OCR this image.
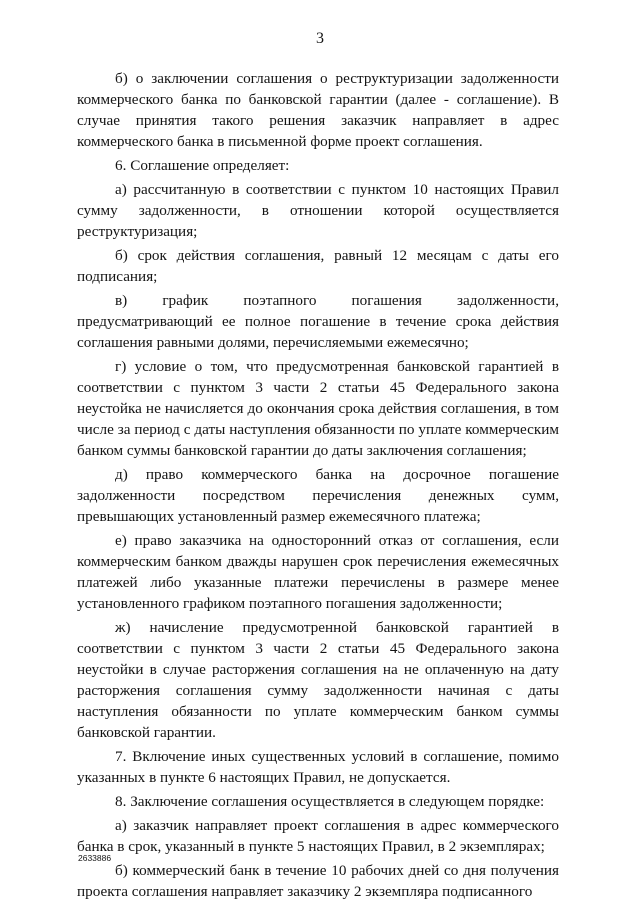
3

б) о заключении соглашения о реструктуризации задолженности коммерческого банка по банковской гарантии (далее - соглашение). В случае принятия такого решения заказчик направляет в адрес коммерческого банка в письменной форме проект соглашения.

6. Соглашение определяет:

а) рассчитанную в соответствии с пунктом 10 настоящих Правил сумму задолженности, в отношении которой осуществляется реструктуризация;

б) срок действия соглашения, равный 12 месяцам с даты его подписания;

в) график поэтапного погашения задолженности, предусматривающий ее полное погашение в течение срока действия соглашения равными долями, перечисляемыми ежемесячно;

г) условие о том, что предусмотренная банковской гарантией в соответствии с пунктом 3 части 2 статьи 45 Федерального закона неустойка не начисляется до окончания срока действия соглашения, в том числе за период с даты наступления обязанности по уплате коммерческим банком суммы банковской гарантии до даты заключения соглашения;

д) право коммерческого банка на досрочное погашение задолженности посредством перечисления денежных сумм, превышающих установленный размер ежемесячного платежа;

е) право заказчика на односторонний отказ от соглашения, если коммерческим банком дважды нарушен срок перечисления ежемесячных платежей либо указанные платежи перечислены в размере менее установленного графиком поэтапного погашения задолженности;

ж) начисление предусмотренной банковской гарантией в соответствии с пунктом 3 части 2 статьи 45 Федерального закона неустойки в случае расторжения соглашения на не оплаченную на дату расторжения соглашения сумму задолженности начиная с даты наступления обязанности по уплате коммерческим банком суммы банковской гарантии.

7. Включение иных существенных условий в соглашение, помимо указанных в пункте 6 настоящих Правил, не допускается.

8. Заключение соглашения осуществляется в следующем порядке:

а) заказчик направляет проект соглашения в адрес коммерческого банка в срок, указанный в пункте 5 настоящих Правил, в 2 экземплярах;

б) коммерческий банк в течение 10 рабочих дней со дня получения проекта соглашения направляет заказчику 2 экземпляра подписанного

2633886
